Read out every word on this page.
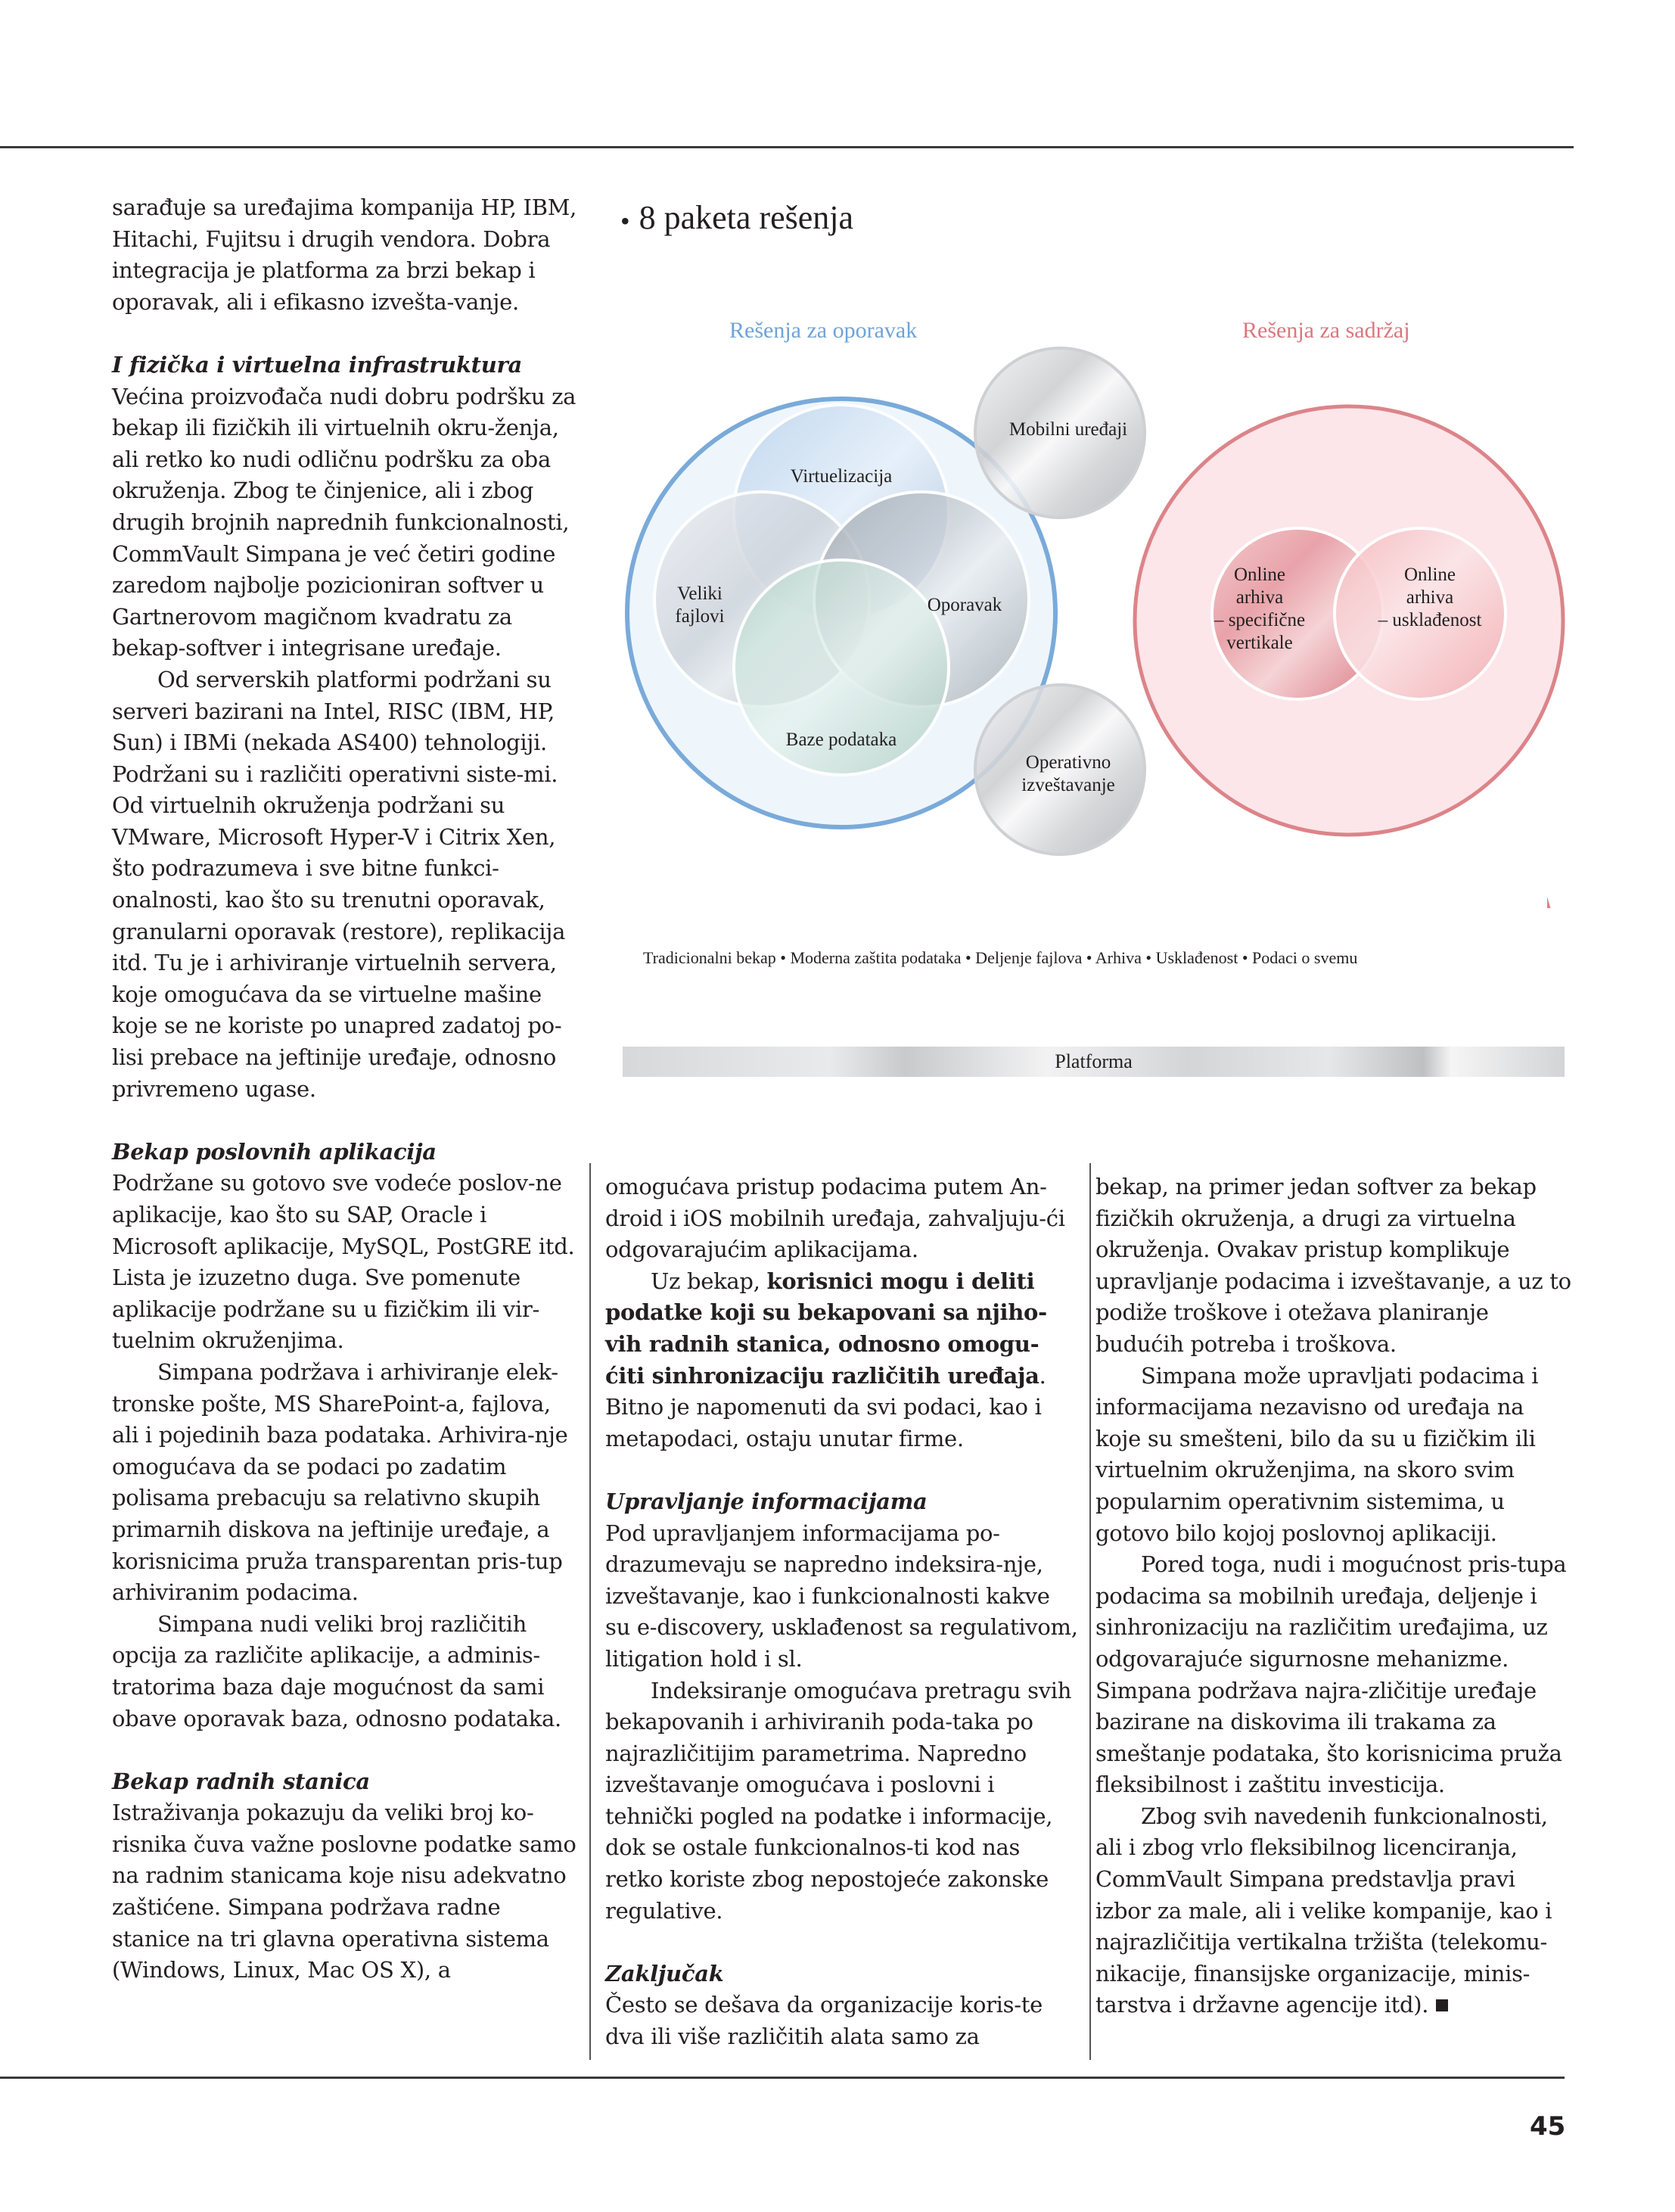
sarađuje sa uređajima kompanija HP, IBM, Hitachi, Fujitsu i drugih vendora. Dobra integracija je platforma za brzi bekap i oporavak, ali i efikasno izvešta-vanje.

I fizička i virtuelna infrastruktura

Većina proizvođača nudi dobru podršku za bekap ili fizičkih ili virtuelnih okru-ženja, ali retko ko nudi odličnu podršku za oba okruženja. Zbog te činjenice, ali i zbog drugih brojnih naprednih funkcionalnosti, CommVault Simpana je već četiri godine zaredom najbolje pozicioniran softver u Gartnerovom magičnom kvadratu za bekap-softver i integrisane uređaje.

Od serverskih platformi podržani su serveri bazirani na Intel, RISC (IBM, HP, Sun) i IBMi (nekada AS400) tehnologiji. Podržani su i različiti operativni siste-mi. Od virtuelnih okruženja podržani su VMware, Microsoft Hyper-V i Citrix Xen, što podrazumeva i sve bitne funkci-onalnosti, kao što su trenutni oporavak, granularni oporavak (restore), replikacija itd. Tu je i arhiviranje virtuelnih servera, koje omogućava da se virtuelne mašine koje se ne koriste po unapred zadatoj po-lisi prebace na jeftinije uređaje, odnosno privremeno ugase.

Bekap poslovnih aplikacija

Podržane su gotovo sve vodeće poslov-ne aplikacije, kao što su SAP, Oracle i Microsoft aplikacije, MySQL, PostGRE itd. Lista je izuzetno duga. Sve pomenute aplikacije podržane su u fizičkim ili vir-tuelnim okruženjima.

Simpana podržava i arhiviranje elek-tronske pošte, MS SharePoint-a, fajlova, ali i pojedinih baza podataka. Arhivira-nje omogućava da se podaci po zadatim polisama prebacuju sa relativno skupih primarnih diskova na jeftinije uređaje, a korisnicima pruža transparentan pris-tup arhiviranim podacima.

Simpana nudi veliki broj različitih opcija za različite aplikacije, a adminis-tratorima baza daje mogućnost da sami obave oporavak baza, odnosno podataka.

Bekap radnih stanica

Istraživanja pokazuju da veliki broj ko-risnika čuva važne poslovne podatke samo na radnim stanicama koje nisu adekvatno zaštićene. Simpana podržava radne stanice na tri glavna operativna sistema (Windows, Linux, Mac OS X), a

omogućava pristup podacima putem An-droid i iOS mobilnih uređaja, zahvaljuju-ći odgovarajućim aplikacijama.

Uz bekap, korisnici mogu i deliti podatke koji su bekapovani sa njiho-vih radnih stanica, odnosno omogu-ćiti sinhronizaciju različitih uređaja. Bitno je napomenuti da svi podaci, kao i metapodaci, ostaju unutar firme.

Upravljanje informacijama

Pod upravljanjem informacijama po-drazumevaju se napredno indeksira-nje, izveštavanje, kao i funkcionalnosti kakve su e-discovery, usklađenost sa regulativom, litigation hold i sl.

Indeksiranje omogućava pretragu svih bekapovanih i arhiviranih poda-taka po najrazličitijim parametrima. Napredno izveštavanje omogućava i poslovni i tehnički pogled na podatke i informacije, dok se ostale funkcionalnos-ti kod nas retko koriste zbog nepostojeće zakonske regulative.

Zaključak

Često se dešava da organizacije koris-te dva ili više različitih alata samo za

bekap, na primer jedan softver za bekap fizičkih okruženja, a drugi za virtuelna okruženja. Ovakav pristup komplikuje upravljanje podacima i izveštavanje, a uz to podiže troškove i otežava planiranje budućih potreba i troškova.

Simpana može upravljati podacima i informacijama nezavisno od uređaja na koje su smešteni, bilo da su u fizičkim ili virtuelnim okruženjima, na skoro svim popularnim operativnim sistemima, u gotovo bilo kojoj poslovnoj aplikaciji.

Pored toga, nudi i mogućnost pris-tupa podacima sa mobilnih uređaja, deljenje i sinhronizaciju na različitim uređajima, uz odgovarajuće sigurnosne mehanizme. Simpana podržava najra-zličitije uređaje bazirane na diskovima ili trakama za smeštanje podataka, što korisnicima pruža fleksibilnost i zaštitu investicija.

Zbog svih navedenih funkcionalnosti, ali i zbog vrlo fleksibilnog licenciranja, CommVault Simpana predstavlja pravi izbor za male, ali i velike kompanije, kao i najrazličitija vertikalna tržišta (telekomu-nikacije, finansijske organizacije, minis-tarstva i državne agencije itd).

• 8 paketa rešenja
Rešenja za oporavak	Rešenja za sadržaj
Virtuelizacija
Veliki
fajlovi
Oporavak
Baze podataka
Mobilni uređaji
Operativno
izveštavanje
Online
arhiva
– specifične
vertikale
Online
arhiva
– usklađenost
Tradicionalni bekap • Moderna zaštita podataka • Deljenje fajlova • Arhiva • Usklađenost • Podaci o svemu
Platforma
45
